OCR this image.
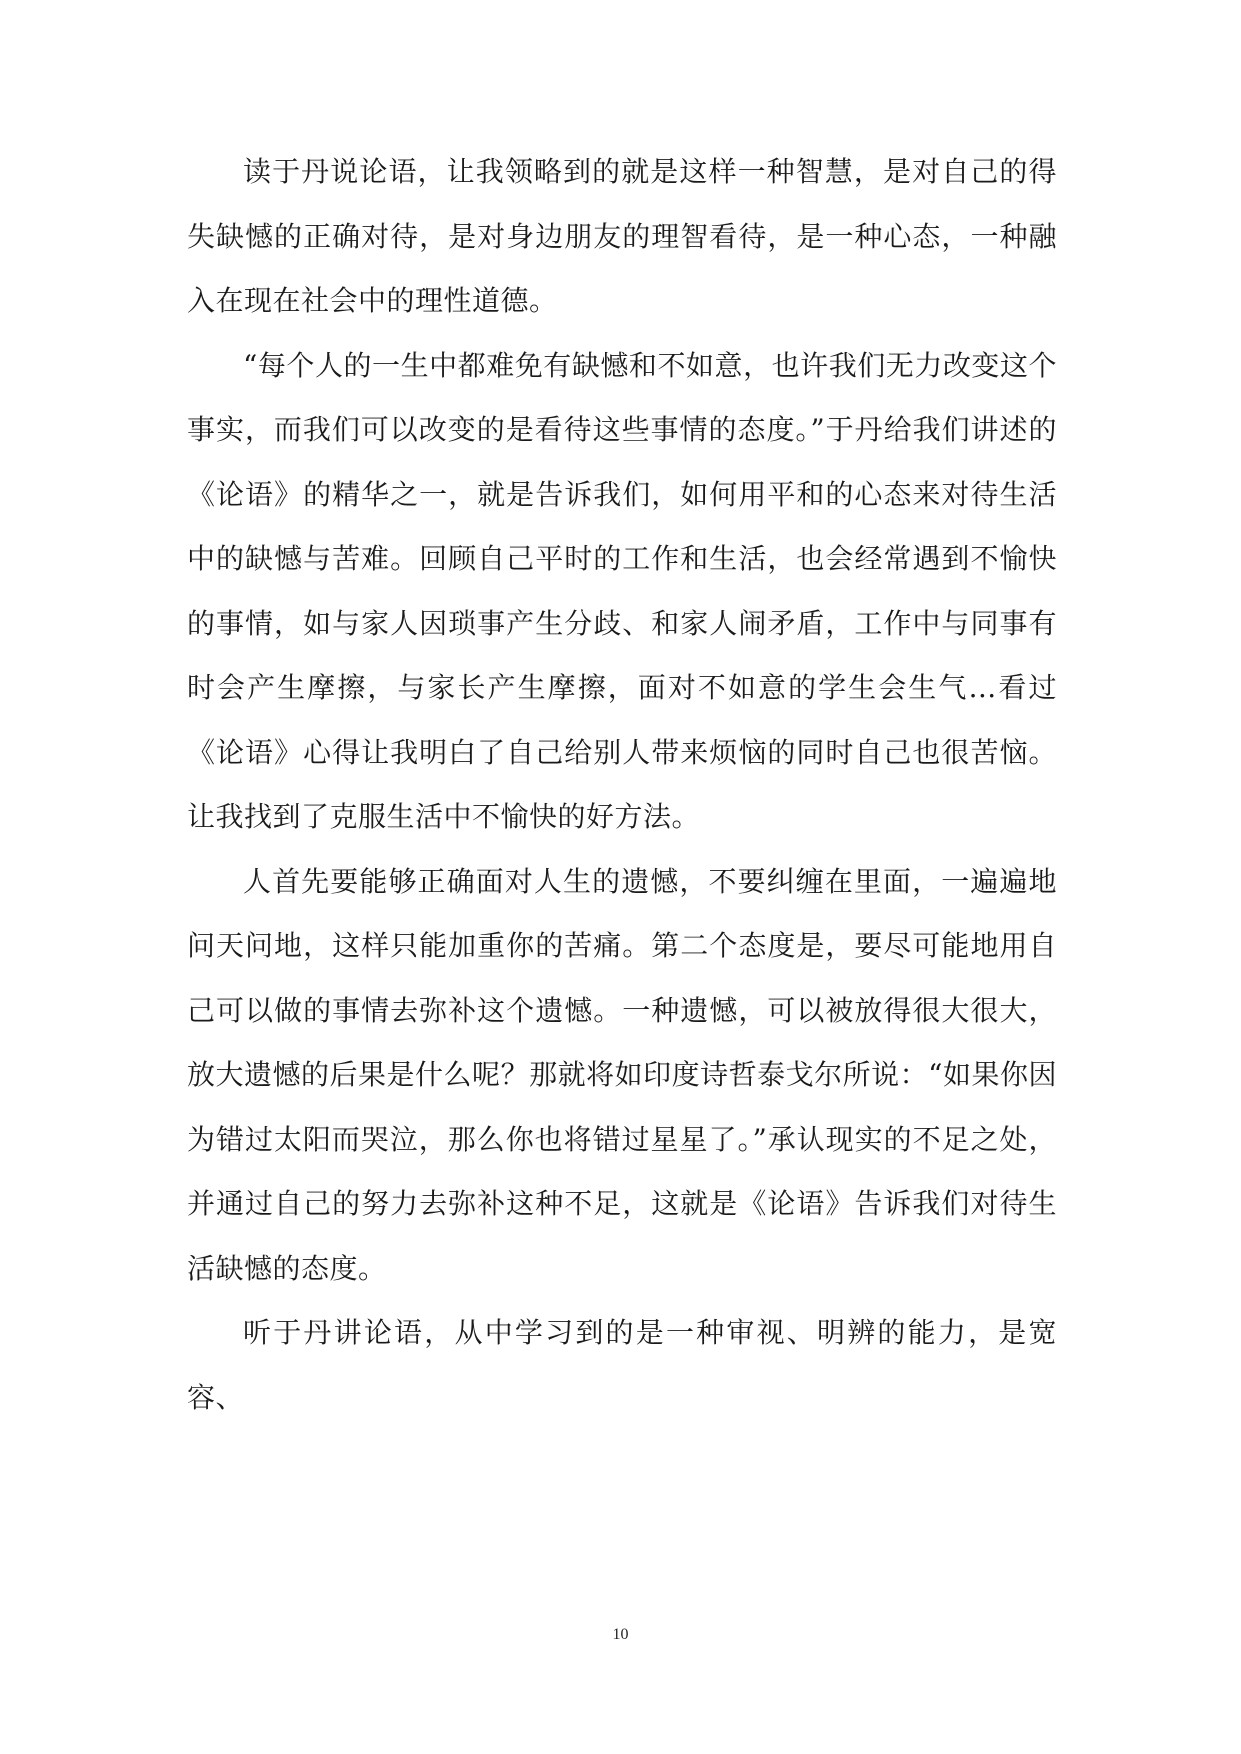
读于丹说论语，让我领略到的就是这样一种智慧，是对自己的得失缺憾的正确对待，是对身边朋友的理智看待，是一种心态，一种融入在现在社会中的理性道德。

“每个人的一生中都难免有缺憾和不如意，也许我们无力改变这个事实，而我们可以改变的是看待这些事情的态度。”于丹给我们讲述的《论语》的精华之一，就是告诉我们，如何用平和的心态来对待生活中的缺憾与苦难。回顾自己平时的工作和生活，也会经常遇到不愉快的事情，如与家人因琐事产生分歧、和家人闹矛盾，工作中与同事有时会产生摩擦，与家长产生摩擦，面对不如意的学生会生气…看过《论语》心得让我明白了自己给别人带来烦恼的同时自己也很苦恼。让我找到了克服生活中不愉快的好方法。

人首先要能够正确面对人生的遗憾，不要纠缠在里面，一遍遍地问天问地，这样只能加重你的苦痛。第二个态度是，要尽可能地用自己可以做的事情去弥补这个遗憾。一种遗憾，可以被放得很大很大，放大遗憾的后果是什么呢？那就将如印度诗哲泰戈尔所说：“如果你因为错过太阳而哭泣，那么你也将错过星星了。”承认现实的不足之处，并通过自己的努力去弥补这种不足，这就是《论语》告诉我们对待生活缺憾的态度。

听于丹讲论语，从中学习到的是一种审视、明辨的能力，是宽容、

10
